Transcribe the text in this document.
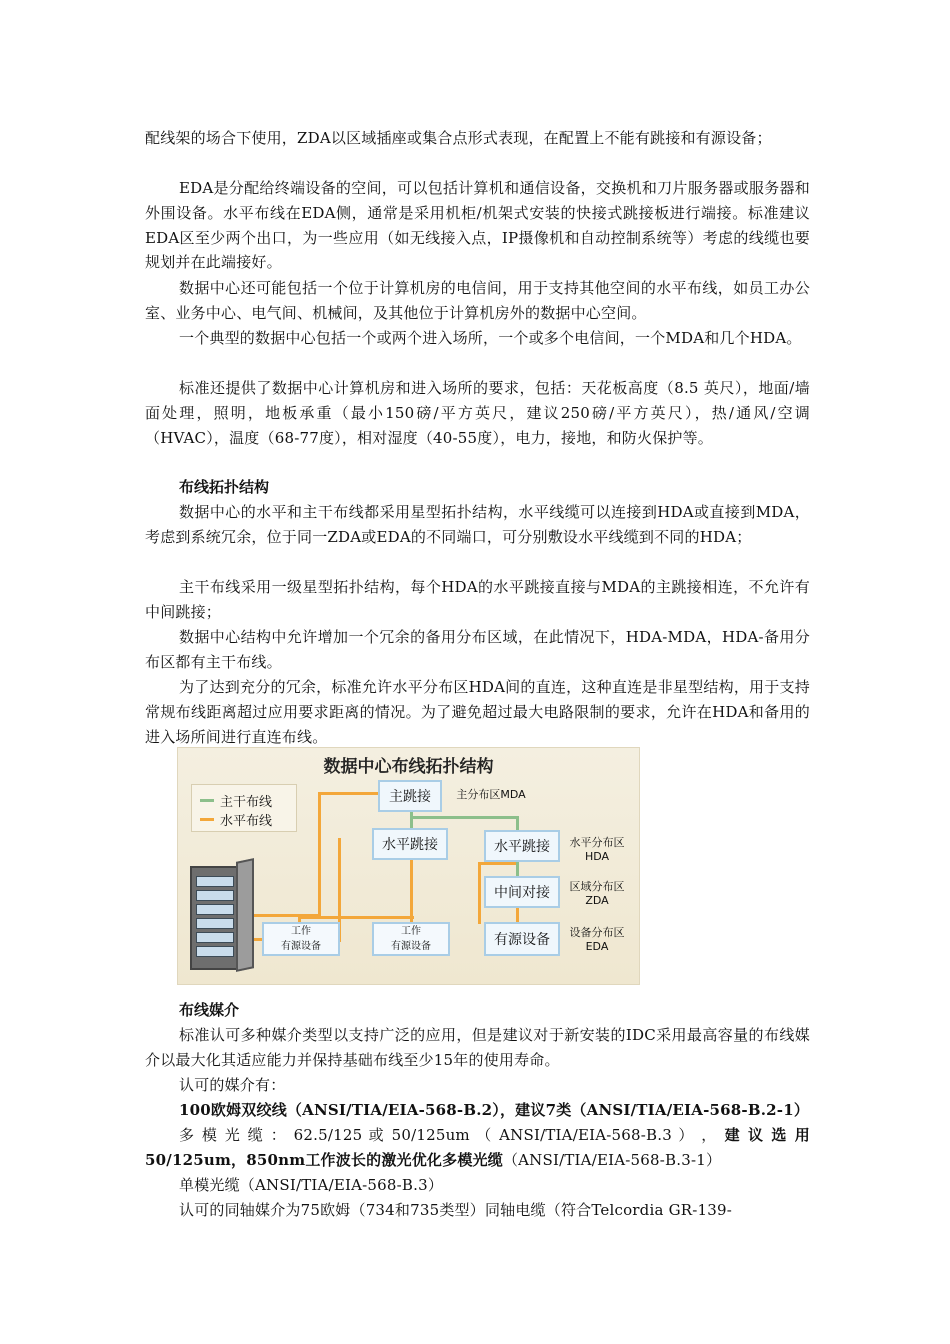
配线架的场合下使用，ZDA以区域插座或集合点形式表现，在配置上不能有跳接和有源设备；

EDA是分配给终端设备的空间，可以包括计算机和通信设备，交换机和刀片服务器或服务器和外围设备。水平布线在EDA侧，通常是采用机柜/机架式安装的快接式跳接板进行端接。标准建议EDA区至少两个出口，为一些应用（如无线接入点，IP摄像机和自动控制系统等）考虑的线缆也要规划并在此端接好。

数据中心还可能包括一个位于计算机房的电信间，用于支持其他空间的水平布线，如员工办公室、业务中心、电气间、机械间，及其他位于计算机房外的数据中心空间。

一个典型的数据中心包括一个或两个进入场所，一个或多个电信间，一个MDA和几个HDA。

标准还提供了数据中心计算机房和进入场所的要求，包括：天花板高度（8.5 英尺），地面/墙面处理，照明，地板承重（最小150磅/平方英尺，建议250磅/平方英尺），热/通风/空调（HVAC），温度（68-77度），相对湿度（40-55度），电力，接地，和防火保护等。

布线拓扑结构

数据中心的水平和主干布线都采用星型拓扑结构，水平线缆可以连接到HDA或直接到MDA，考虑到系统冗余，位于同一ZDA或EDA的不同端口，可分别敷设水平线缆到不同的HDA；

主干布线采用一级星型拓扑结构，每个HDA的水平跳接直接与MDA的主跳接相连，不允许有中间跳接；

数据中心结构中允许增加一个冗余的备用分布区域，在此情况下，HDA-MDA，HDA-备用分布区都有主干布线。

为了达到充分的冗余，标准允许水平分布区HDA间的直连，这种直连是非星型结构，用于支持常规布线距离超过应用要求距离的情况。为了避免超过最大电路限制的要求，允许在HDA和备用的进入场所间进行直连布线。

数据中心布线拓扑结构
主干布线
水平布线
主跳接	主分布区MDA
水平跳接	水平跳接	水平分布区
HDA
中间对接	区域分布区
ZDA
有源设备	设备分布区
EDA
工作
有源设备
工作
有源设备

布线媒介

标准认可多种媒介类型以支持广泛的应用，但是建议对于新安装的IDC采用最高容量的布线媒介以最大化其适应能力并保持基础布线至少15年的使用寿命。

认可的媒介有：

100欧姆双绞线（ANSI/TIA/EIA-568-B.2），建议7类（ANSI/TIA/EIA-568-B.2-1）

多 模 光 缆 ： 62.5/125 或 50/125um （ ANSI/TIA/EIA-568-B.3 ） ， 建 议 选 用 50/125um，850nm工作波长的激光优化多模光缆（ANSI/TIA/EIA-568-B.3-1）

单模光缆（ANSI/TIA/EIA-568-B.3）

认可的同轴媒介为75欧姆（734和735类型）同轴电缆（符合Telcordia GR-139-
